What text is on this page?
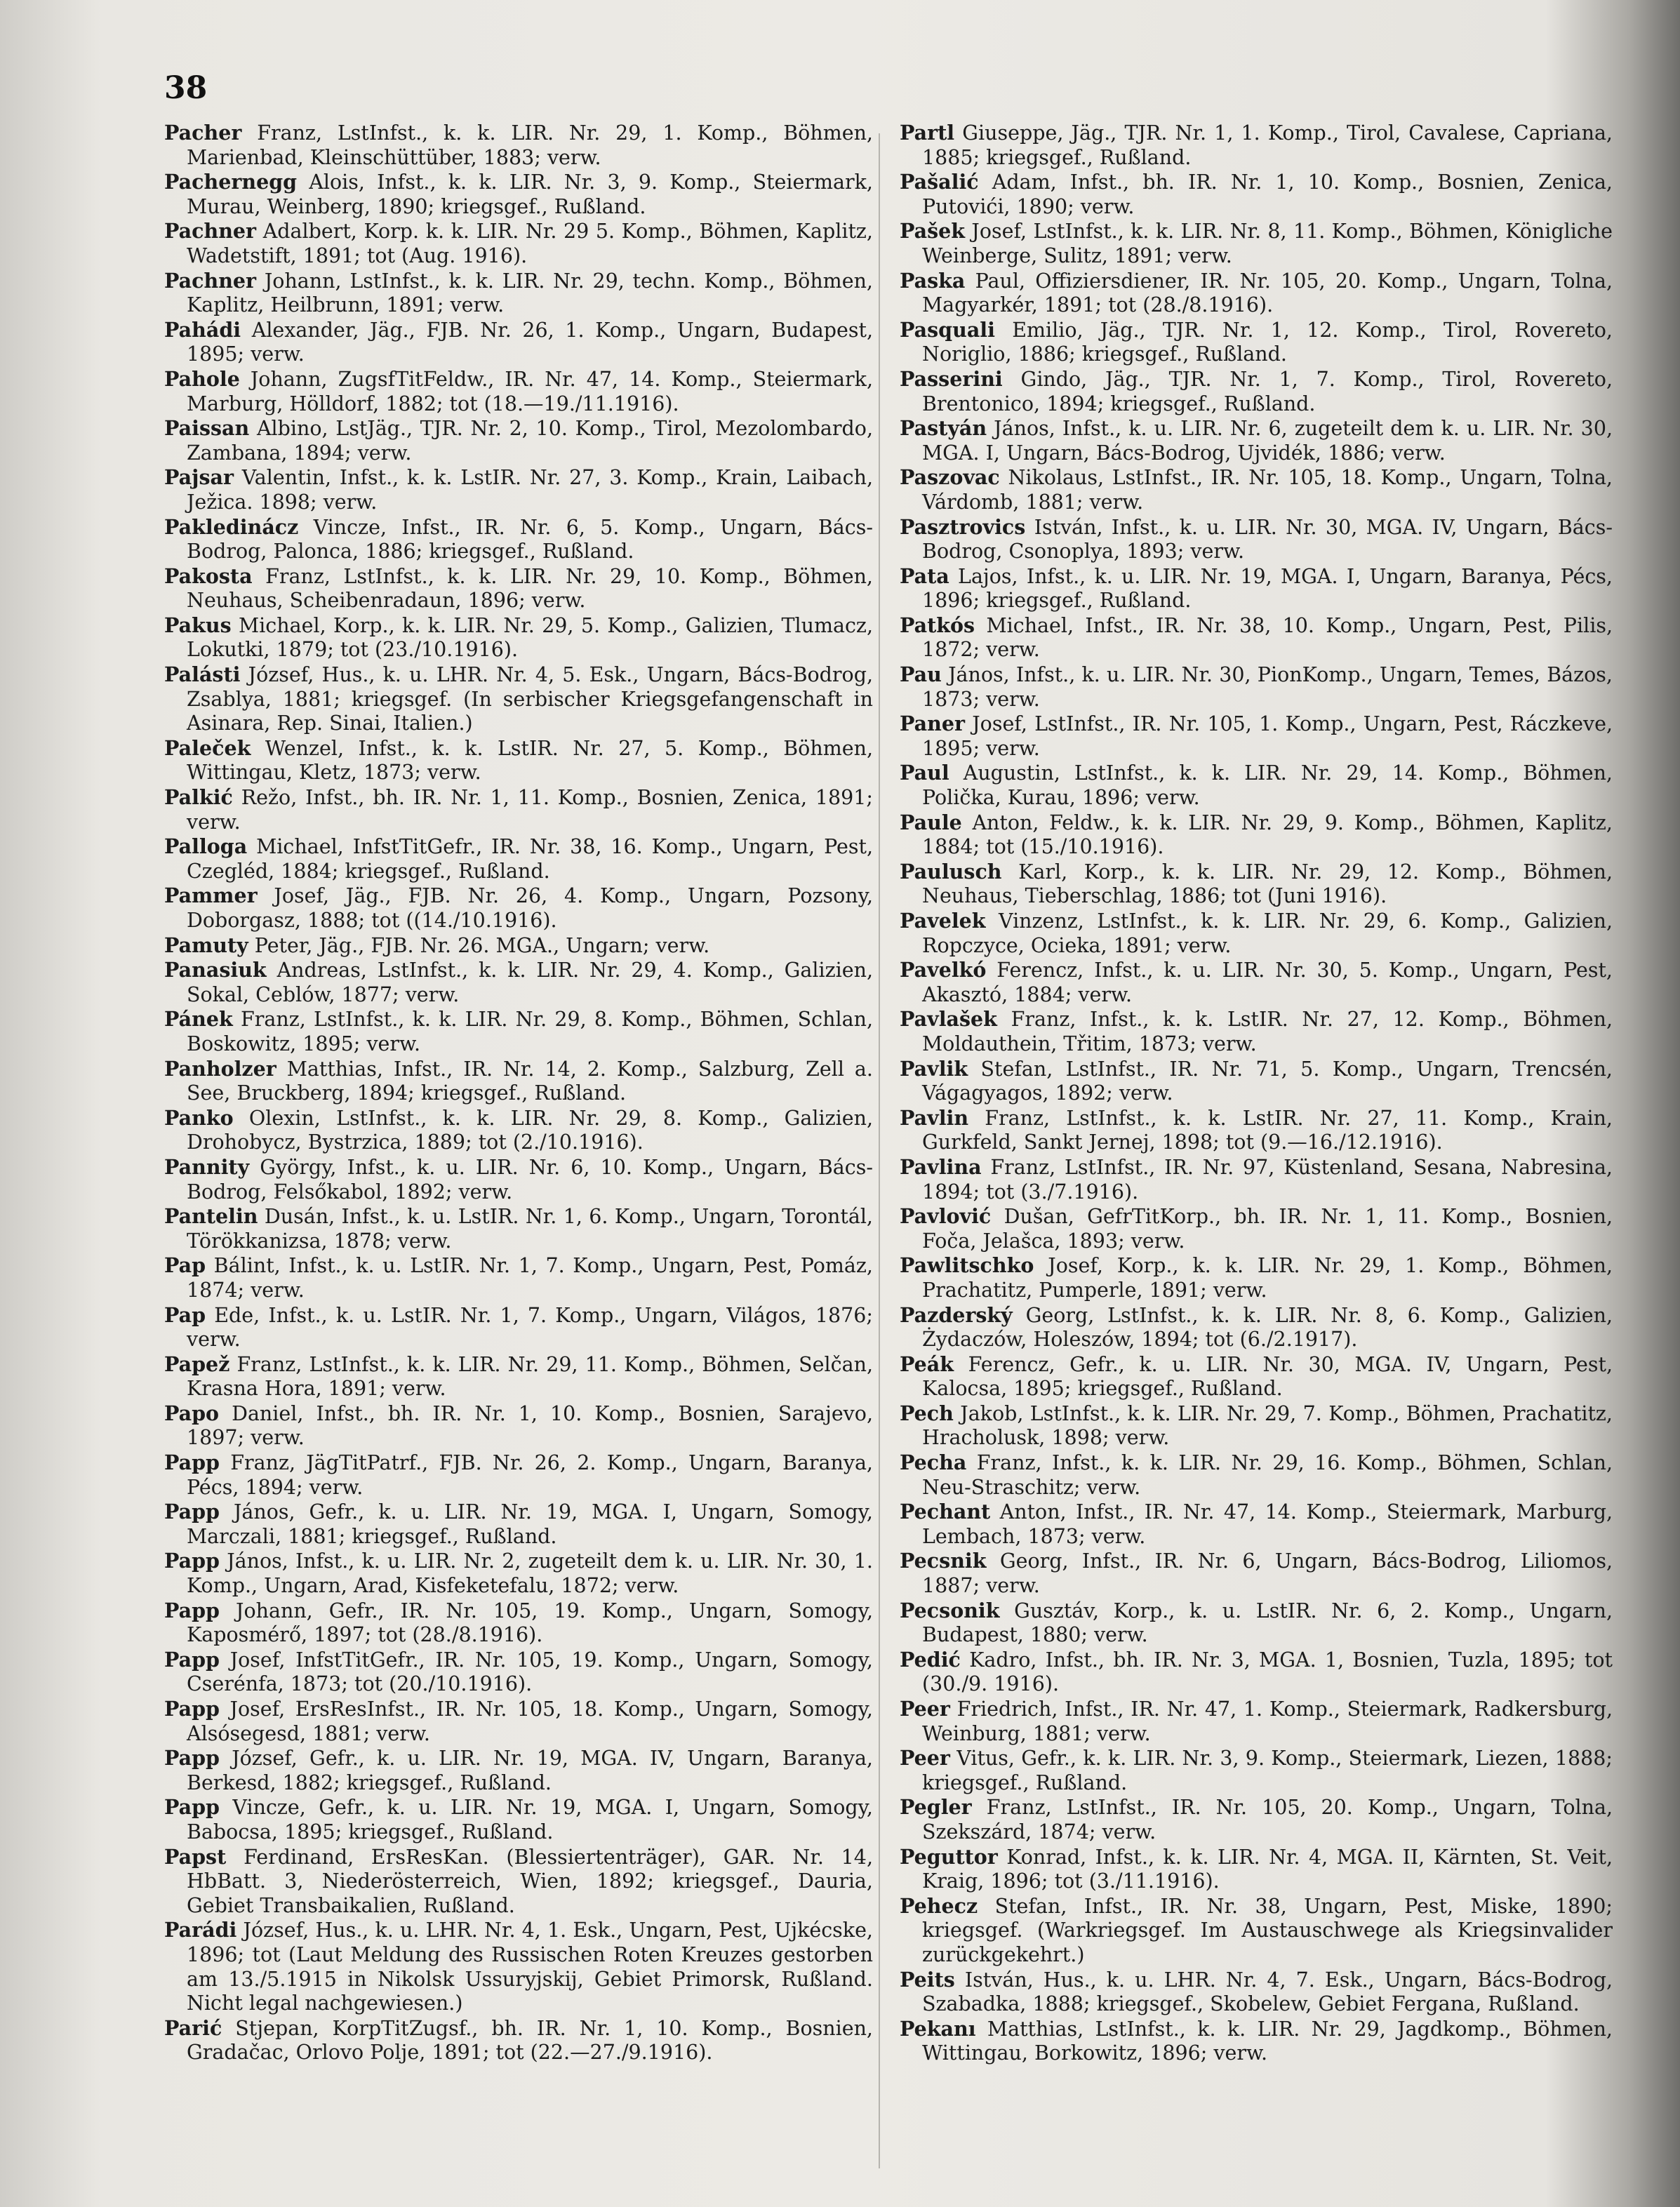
38

Pacher Franz, LstInfst., k. k. LIR. Nr. 29, 1. Komp., Böhmen, Marienbad, Kleinschüttüber, 1883; verw.

Pachernegg Alois, Infst., k. k. LIR. Nr. 3, 9. Komp., Steiermark, Murau, Weinberg, 1890; kriegsgef., Rußland.

Pachner Adalbert, Korp. k. k. LIR. Nr. 29 5. Komp., Böhmen, Kaplitz, Wadetstift, 1891; tot (Aug. 1916).

Pachner Johann, LstInfst., k. k. LIR. Nr. 29, techn. Komp., Böhmen, Kaplitz, Heilbrunn, 1891; verw.

Pahádi Alexander, Jäg., FJB. Nr. 26, 1. Komp., Ungarn, Budapest, 1895; verw.

Pahole Johann, ZugsfTitFeldw., IR. Nr. 47, 14. Komp., Steiermark, Marburg, Hölldorf, 1882; tot (18.—19./11.1916).

Paissan Albino, LstJäg., TJR. Nr. 2, 10. Komp., Tirol, Mezolombardo, Zambana, 1894; verw.

Pajsar Valentin, Infst., k. k. LstIR. Nr. 27, 3. Komp., Krain, Laibach, Ježica. 1898; verw.

Pakledinácz Vincze, Infst., IR. Nr. 6, 5. Komp., Ungarn, Bács-Bodrog, Palonca, 1886; kriegsgef., Rußland.

Pakosta Franz, LstInfst., k. k. LIR. Nr. 29, 10. Komp., Böhmen, Neuhaus, Scheibenradaun, 1896; verw.

Pakus Michael, Korp., k. k. LIR. Nr. 29, 5. Komp., Galizien, Tlumacz, Lokutki, 1879; tot (23./10.1916).

Palásti József, Hus., k. u. LHR. Nr. 4, 5. Esk., Ungarn, Bács-Bodrog, Zsablya, 1881; kriegsgef. (In serbischer Kriegsgefangenschaft in Asinara, Rep. Sinai, Italien.)

Paleček Wenzel, Infst., k. k. LstIR. Nr. 27, 5. Komp., Böhmen, Wittingau, Kletz, 1873; verw.

Palkić Režo, Infst., bh. IR. Nr. 1, 11. Komp., Bosnien, Zenica, 1891; verw.

Palloga Michael, InfstTitGefr., IR. Nr. 38, 16. Komp., Ungarn, Pest, Czegléd, 1884; kriegsgef., Rußland.

Pammer Josef, Jäg., FJB. Nr. 26, 4. Komp., Ungarn, Pozsony, Doborgasz, 1888; tot ((14./10.1916).

Pamuty Peter, Jäg., FJB. Nr. 26. MGA., Ungarn; verw.

Panasiuk Andreas, LstInfst., k. k. LIR. Nr. 29, 4. Komp., Galizien, Sokal, Ceblów, 1877; verw.

Pánek Franz, LstInfst., k. k. LIR. Nr. 29, 8. Komp., Böhmen, Schlan, Boskowitz, 1895; verw.

Panholzer Matthias, Infst., IR. Nr. 14, 2. Komp., Salzburg, Zell a. See, Bruckberg, 1894; kriegsgef., Rußland.

Panko Olexin, LstInfst., k. k. LIR. Nr. 29, 8. Komp., Galizien, Drohobycz, Bystrzica, 1889; tot (2./10.1916).

Pannity György, Infst., k. u. LIR. Nr. 6, 10. Komp., Ungarn, Bács-Bodrog, Felsőkabol, 1892; verw.

Pantelin Dusán, Infst., k. u. LstIR. Nr. 1, 6. Komp., Ungarn, Torontál, Törökkanizsa, 1878; verw.

Pap Bálint, Infst., k. u. LstIR. Nr. 1, 7. Komp., Ungarn, Pest, Pomáz, 1874; verw.

Pap Ede, Infst., k. u. LstIR. Nr. 1, 7. Komp., Ungarn, Világos, 1876; verw.

Papež Franz, LstInfst., k. k. LIR. Nr. 29, 11. Komp., Böhmen, Selčan, Krasna Hora, 1891; verw.

Papo Daniel, Infst., bh. IR. Nr. 1, 10. Komp., Bosnien, Sarajevo, 1897; verw.

Papp Franz, JägTitPatrf., FJB. Nr. 26, 2. Komp., Ungarn, Baranya, Pécs, 1894; verw.

Papp János, Gefr., k. u. LIR. Nr. 19, MGA. I, Ungarn, Somogy, Marczali, 1881; kriegsgef., Rußland.

Papp János, Infst., k. u. LIR. Nr. 2, zugeteilt dem k. u. LIR. Nr. 30, 1. Komp., Ungarn, Arad, Kisfeketefalu, 1872; verw.

Papp Johann, Gefr., IR. Nr. 105, 19. Komp., Ungarn, Somogy, Kaposmérő, 1897; tot (28./8.1916).

Papp Josef, InfstTitGefr., IR. Nr. 105, 19. Komp., Ungarn, Somogy, Cserénfa, 1873; tot (20./10.1916).

Papp Josef, ErsResInfst., IR. Nr. 105, 18. Komp., Ungarn, Somogy, Alsósegesd, 1881; verw.

Papp József, Gefr., k. u. LIR. Nr. 19, MGA. IV, Ungarn, Baranya, Berkesd, 1882; kriegsgef., Rußland.

Papp Vincze, Gefr., k. u. LIR. Nr. 19, MGA. I, Ungarn, Somogy, Babocsa, 1895; kriegsgef., Rußland.

Papst Ferdinand, ErsResKan. (Blessiertenträger), GAR. Nr. 14, HbBatt. 3, Niederösterreich, Wien, 1892; kriegsgef., Dauria, Gebiet Transbaikalien, Rußland.

Parádi József, Hus., k. u. LHR. Nr. 4, 1. Esk., Ungarn, Pest, Ujkécske, 1896; tot (Laut Meldung des Russischen Roten Kreuzes gestorben am 13./5.1915 in Nikolsk Ussuryjskij, Gebiet Primorsk, Rußland. Nicht legal nachgewiesen.)

Parić Stjepan, KorpTitZugsf., bh. IR. Nr. 1, 10. Komp., Bosnien, Gradačac, Orlovo Polje, 1891; tot (22.—27./9.1916).

Partl Giuseppe, Jäg., TJR. Nr. 1, 1. Komp., Tirol, Cavalese, Capriana, 1885; kriegsgef., Rußland.

Pašalić Adam, Infst., bh. IR. Nr. 1, 10. Komp., Bosnien, Zenica, Putovići, 1890; verw.

Pašek Josef, LstInfst., k. k. LIR. Nr. 8, 11. Komp., Böhmen, Königliche Weinberge, Sulitz, 1891; verw.

Paska Paul, Offiziersdiener, IR. Nr. 105, 20. Komp., Ungarn, Tolna, Magyarkér, 1891; tot (28./8.1916).

Pasquali Emilio, Jäg., TJR. Nr. 1, 12. Komp., Tirol, Rovereto, Noriglio, 1886; kriegsgef., Rußland.

Passerini Gindo, Jäg., TJR. Nr. 1, 7. Komp., Tirol, Rovereto, Brentonico, 1894; kriegsgef., Rußland.

Pastyán János, Infst., k. u. LIR. Nr. 6, zugeteilt dem k. u. LIR. Nr. 30, MGA. I, Ungarn, Bács-Bodrog, Ujvidék, 1886; verw.

Paszovac Nikolaus, LstInfst., IR. Nr. 105, 18. Komp., Ungarn, Tolna, Várdomb, 1881; verw.

Pasztrovics István, Infst., k. u. LIR. Nr. 30, MGA. IV, Ungarn, Bács-Bodrog, Csonoplya, 1893; verw.

Pata Lajos, Infst., k. u. LIR. Nr. 19, MGA. I, Ungarn, Baranya, Pécs, 1896; kriegsgef., Rußland.

Patkós Michael, Infst., IR. Nr. 38, 10. Komp., Ungarn, Pest, Pilis, 1872; verw.

Pau János, Infst., k. u. LIR. Nr. 30, PionKomp., Ungarn, Temes, Bázos, 1873; verw.

Paner Josef, LstInfst., IR. Nr. 105, 1. Komp., Ungarn, Pest, Ráczkeve, 1895; verw.

Paul Augustin, LstInfst., k. k. LIR. Nr. 29, 14. Komp., Böhmen, Polička, Kurau, 1896; verw.

Paule Anton, Feldw., k. k. LIR. Nr. 29, 9. Komp., Böhmen, Kaplitz, 1884; tot (15./10.1916).

Paulusch Karl, Korp., k. k. LIR. Nr. 29, 12. Komp., Böhmen, Neuhaus, Tieberschlag, 1886; tot (Juni 1916).

Pavelek Vinzenz, LstInfst., k. k. LIR. Nr. 29, 6. Komp., Galizien, Ropczyce, Ocieka, 1891; verw.

Pavelkó Ferencz, Infst., k. u. LIR. Nr. 30, 5. Komp., Ungarn, Pest, Akasztó, 1884; verw.

Pavlašek Franz, Infst., k. k. LstIR. Nr. 27, 12. Komp., Böhmen, Moldauthein, Třitim, 1873; verw.

Pavlik Stefan, LstInfst., IR. Nr. 71, 5. Komp., Ungarn, Trencsén, Vágagyagos, 1892; verw.

Pavlin Franz, LstInfst., k. k. LstIR. Nr. 27, 11. Komp., Krain, Gurkfeld, Sankt Jernej, 1898; tot (9.—16./12.1916).

Pavlina Franz, LstInfst., IR. Nr. 97, Küstenland, Sesana, Nabresina, 1894; tot (3./7.1916).

Pavlović Dušan, GefrTitKorp., bh. IR. Nr. 1, 11. Komp., Bosnien, Foča, Jelašca, 1893; verw.

Pawlitschko Josef, Korp., k. k. LIR. Nr. 29, 1. Komp., Böhmen, Prachatitz, Pumperle, 1891; verw.

Pazderský Georg, LstInfst., k. k. LIR. Nr. 8, 6. Komp., Galizien, Żydaczów, Holeszów, 1894; tot (6./2.1917).

Peák Ferencz, Gefr., k. u. LIR. Nr. 30, MGA. IV, Ungarn, Pest, Kalocsa, 1895; kriegsgef., Rußland.

Pech Jakob, LstInfst., k. k. LIR. Nr. 29, 7. Komp., Böhmen, Prachatitz, Hracholusk, 1898; verw.

Pecha Franz, Infst., k. k. LIR. Nr. 29, 16. Komp., Böhmen, Schlan, Neu-Straschitz; verw.

Pechant Anton, Infst., IR. Nr. 47, 14. Komp., Steiermark, Marburg, Lembach, 1873; verw.

Pecsnik Georg, Infst., IR. Nr. 6, Ungarn, Bács-Bodrog, Liliomos, 1887; verw.

Pecsonik Gusztáv, Korp., k. u. LstIR. Nr. 6, 2. Komp., Ungarn, Budapest, 1880; verw.

Pedić Kadro, Infst., bh. IR. Nr. 3, MGA. 1, Bosnien, Tuzla, 1895; tot (30./9. 1916).

Peer Friedrich, Infst., IR. Nr. 47, 1. Komp., Steiermark, Radkersburg, Weinburg, 1881; verw.

Peer Vitus, Gefr., k. k. LIR. Nr. 3, 9. Komp., Steiermark, Liezen, 1888; kriegsgef., Rußland.

Pegler Franz, LstInfst., IR. Nr. 105, 20. Komp., Ungarn, Tolna, Szekszárd, 1874; verw.

Peguttor Konrad, Infst., k. k. LIR. Nr. 4, MGA. II, Kärnten, St. Veit, Kraig, 1896; tot (3./11.1916).

Pehecz Stefan, Infst., IR. Nr. 38, Ungarn, Pest, Miske, 1890; kriegsgef. (Warkriegsgef. Im Austauschwege als Kriegsinvalider zurückgekehrt.)

Peits István, Hus., k. u. LHR. Nr. 4, 7. Esk., Ungarn, Bács-Bodrog, Szabadka, 1888; kriegsgef., Skobelew, Gebiet Fergana, Rußland.

Pekanı Matthias, LstInfst., k. k. LIR. Nr. 29, Jagdkomp., Böhmen, Wittingau, Borkowitz, 1896; verw.
